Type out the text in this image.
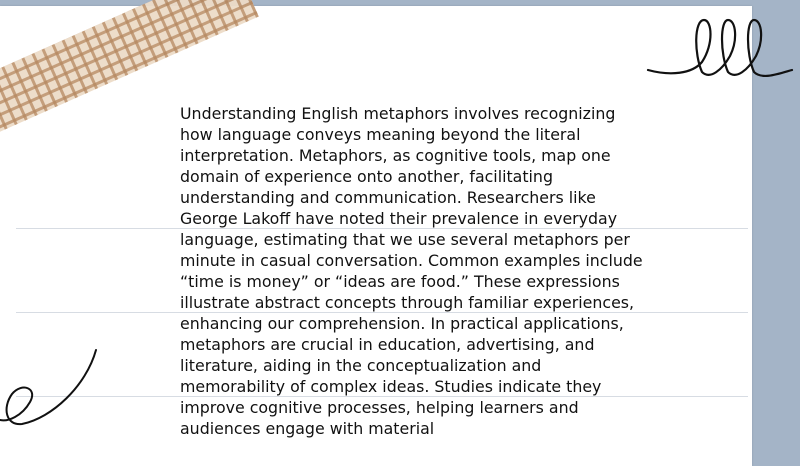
Understanding English metaphors involves recognizing how language conveys meaning beyond the literal interpretation. Metaphors, as cognitive tools, map one domain of experience onto another, facilitating understanding and communication. Researchers like George Lakoff have noted their prevalence in everyday language, estimating that we use several metaphors per minute in casual conversation. Common examples include “time is money” or “ideas are food.” These expressions illustrate abstract concepts through familiar experiences, enhancing our comprehension. In practical applications, metaphors are crucial in education, advertising, and literature, aiding in the conceptualization and memorability of complex ideas. Studies indicate they improve cognitive processes, helping learners and audiences engage with material
